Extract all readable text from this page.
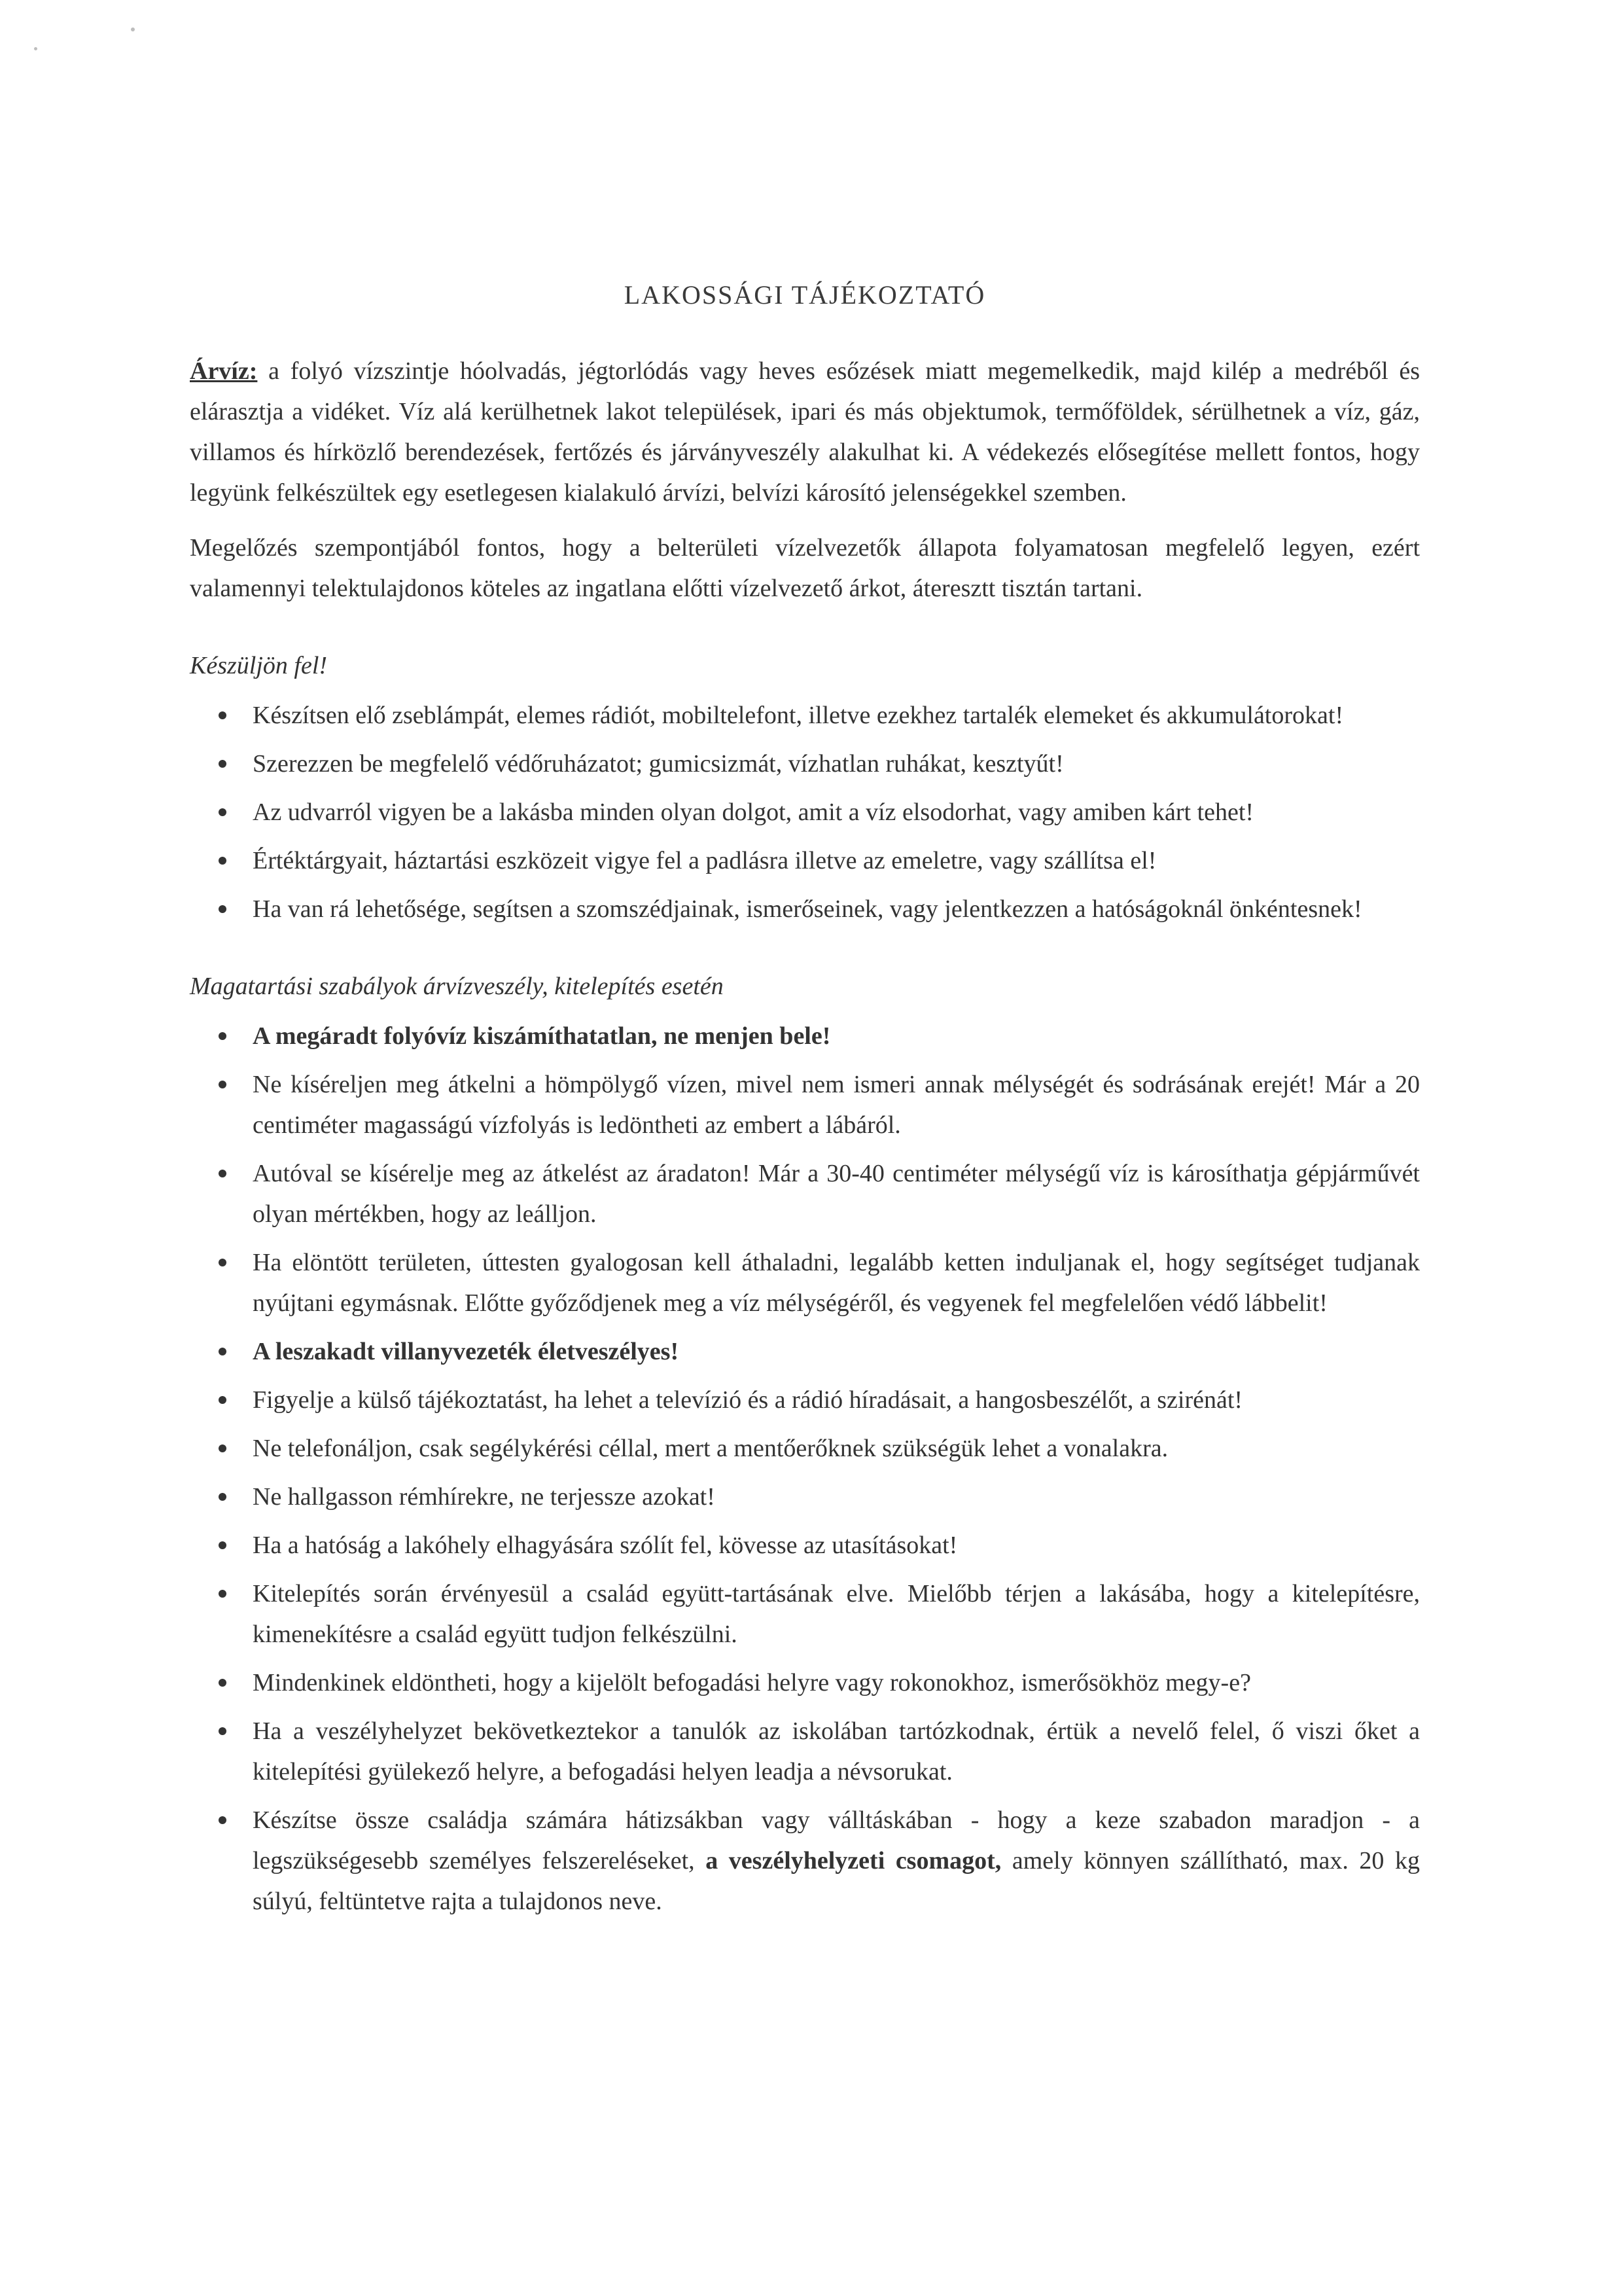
LAKOSSÁGI TÁJÉKOZTATÓ

Árvíz: a folyó vízszintje hóolvadás, jégtorlódás vagy heves esőzések miatt megemelkedik, majd kilép a medréből és elárasztja a vidéket. Víz alá kerülhetnek lakot települések, ipari és más objektumok, termőföldek, sérülhetnek a víz, gáz, villamos és hírközlő berendezések, fertőzés és járványveszély alakulhat ki. A védekezés elősegítése mellett fontos, hogy legyünk felkészültek egy esetlegesen kialakuló árvízi, belvízi károsító jelenségekkel szemben.

Megelőzés szempontjából fontos, hogy a belterületi vízelvezetők állapota folyamatosan megfelelő legyen, ezért valamennyi telektulajdonos köteles az ingatlana előtti vízelvezető árkot, áteresztt tisztán tartani.

Készüljön fel!
Készítsen elő zseblámpát, elemes rádiót, mobiltelefont, illetve ezekhez tartalék elemeket és akkumulátorokat!
Szerezzen be megfelelő védőruházatot; gumicsizmát, vízhatlan ruhákat, kesztyűt!
Az udvarról vigyen be a lakásba minden olyan dolgot, amit a víz elsodorhat, vagy amiben kárt tehet!
Értéktárgyait, háztartási eszközeit vigye fel a padlásra illetve az emeletre, vagy szállítsa el!
Ha van rá lehetősége, segítsen a szomszédjainak, ismerőseinek, vagy jelentkezzen a hatóságoknál önkéntesnek!
Magatartási szabályok árvízveszély, kitelepítés esetén
A megáradt folyóvíz kiszámíthatatlan, ne menjen bele!
Ne kíséreljen meg átkelni a hömpölygő vízen, mivel nem ismeri annak mélységét és sodrásának erejét! Már a 20 centiméter magasságú vízfolyás is ledöntheti az embert a lábáról.
Autóval se kísérelje meg az átkelést az áradaton! Már a 30-40 centiméter mélységű víz is károsíthatja gépjárművét olyan mértékben, hogy az leálljon.
Ha elöntött területen, úttesten gyalogosan kell áthaladni, legalább ketten induljanak el, hogy segítséget tudjanak nyújtani egymásnak. Előtte győződjenek meg a víz mélységéről, és vegyenek fel megfelelően védő lábbelit!
A leszakadt villanyvezeték életveszélyes!
Figyelje a külső tájékoztatást, ha lehet a televízió és a rádió híradásait, a hangosbeszélőt, a szirénát!
Ne telefonáljon, csak segélykérési céllal, mert a mentőerőknek szükségük lehet a vonalakra.
Ne hallgasson rémhírekre, ne terjessze azokat!
Ha a hatóság a lakóhely elhagyására szólít fel, kövesse az utasításokat!
Kitelepítés során érvényesül a család együtt-tartásának elve. Mielőbb térjen a lakásába, hogy a kitelepítésre, kimenekítésre a család együtt tudjon felkészülni.
Mindenkinek eldöntheti, hogy a kijelölt befogadási helyre vagy rokonokhoz, ismerősökhöz megy-e?
Ha a veszélyhelyzet bekövetkeztekor a tanulók az iskolában tartózkodnak, értük a nevelő felel, ő viszi őket a kitelepítési gyülekező helyre, a befogadási helyen leadja a névsorukat.
Készítse össze családja számára hátizsákban vagy válltáskában - hogy a keze szabadon maradjon - a legszükségesebb személyes felszereléseket, a veszélyhelyzeti csomagot, amely könnyen szállítható, max. 20 kg súlyú, feltüntetve rajta a tulajdonos neve.
